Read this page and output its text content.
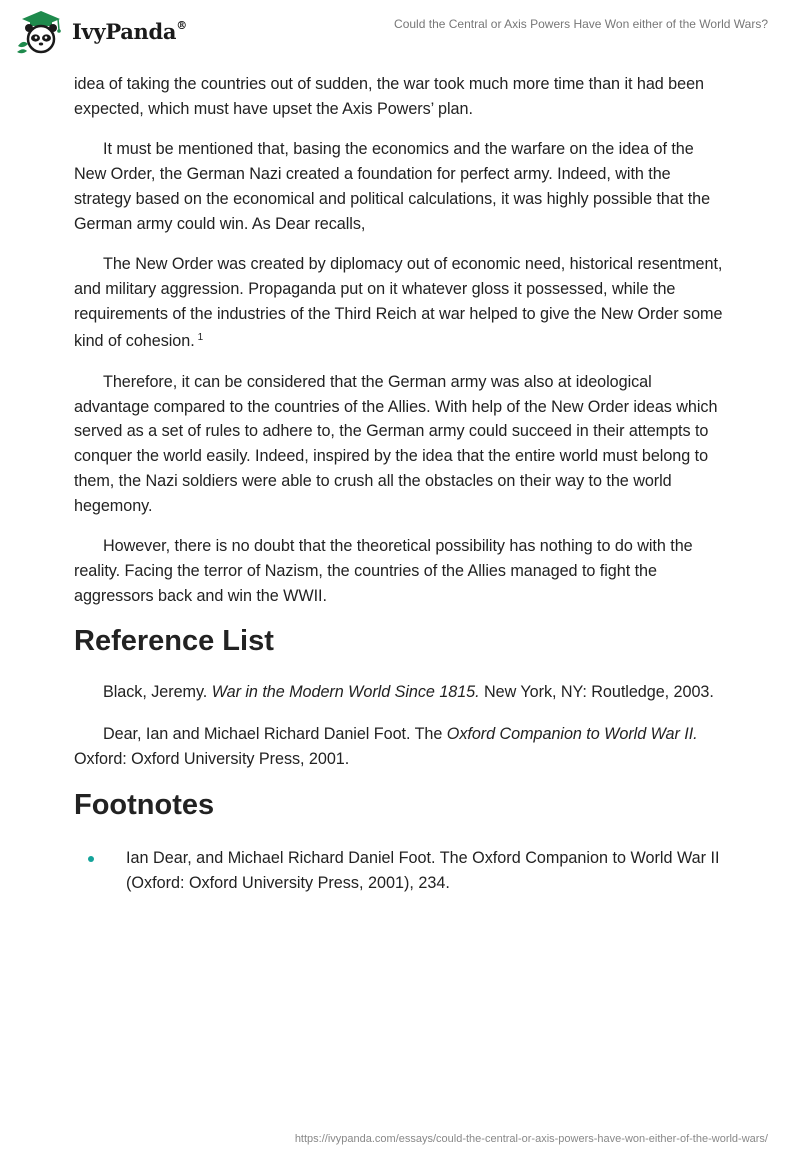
IvyPanda®	Could the Central or Axis Powers Have Won either of the World Wars?

idea of taking the countries out of sudden, the war took much more time than it had been expected, which must have upset the Axis Powers’ plan.

It must be mentioned that, basing the economics and the warfare on the idea of the New Order, the German Nazi created a foundation for perfect army. Indeed, with the strategy based on the economical and political calculations, it was highly possible that the German army could win. As Dear recalls,

The New Order was created by diplomacy out of economic need, historical resentment, and military aggression. Propaganda put on it whatever gloss it possessed, while the requirements of the industries of the Third Reich at war helped to give the New Order some kind of cohesion. $^1$

Therefore, it can be considered that the German army was also at ideological advantage compared to the countries of the Allies. With help of the New Order ideas which served as a set of rules to adhere to, the German army could succeed in their attempts to conquer the world easily. Indeed, inspired by the idea that the entire world must belong to them, the Nazi soldiers were able to crush all the obstacles on their way to the world hegemony.

However, there is no doubt that the theoretical possibility has nothing to do with the reality. Facing the terror of Nazism, the countries of the Allies managed to fight the aggressors back and win the WWII.

Reference List

Black, Jeremy. War in the Modern World Since 1815. New York, NY: Routledge, 2003.

Dear, Ian and Michael Richard Daniel Foot. The Oxford Companion to World War II. Oxford: Oxford University Press, 2001.

Footnotes
Ian Dear, and Michael Richard Daniel Foot. The Oxford Companion to World War II (Oxford: Oxford University Press, 2001), 234.
https://ivypanda.com/essays/could-the-central-or-axis-powers-have-won-either-of-the-world-wars/
